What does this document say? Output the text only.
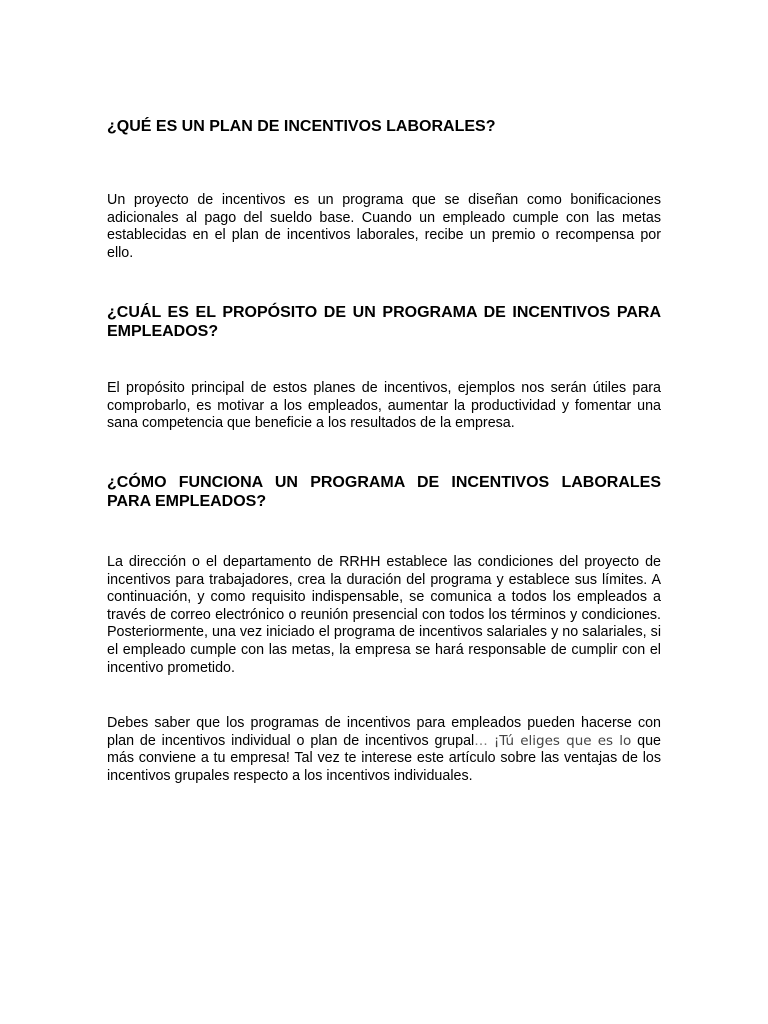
¿QUÉ ES UN PLAN DE INCENTIVOS LABORALES?

Un proyecto de incentivos es un programa que se diseñan como bonificaciones adicionales al pago del sueldo base. Cuando un empleado cumple con las metas establecidas en el plan de incentivos laborales, recibe un premio o recompensa por ello.

¿CUÁL ES EL PROPÓSITO DE UN PROGRAMA DE INCENTIVOS PARA EMPLEADOS?

El propósito principal de estos planes de incentivos, ejemplos nos serán útiles para comprobarlo, es motivar a los empleados, aumentar la productividad y fomentar una sana competencia que beneficie a los resultados de la empresa.

¿CÓMO FUNCIONA UN PROGRAMA DE INCENTIVOS LABORALES PARA EMPLEADOS?

La dirección o el departamento de RRHH establece las condiciones del proyecto de incentivos para trabajadores, crea la duración del programa y establece sus límites. A continuación, y como requisito indispensable, se comunica a todos los empleados a través de correo electrónico o reunión presencial con todos los términos y condiciones. Posteriormente, una vez iniciado el programa de incentivos salariales y no salariales, si el empleado cumple con las metas, la empresa se hará responsable de cumplir con el incentivo prometido.

Debes saber que los programas de incentivos para empleados pueden hacerse con plan de incentivos individual o plan de incentivos grupal… ¡Tú eliges que es lo que más conviene a tu empresa! Tal vez te interese este artículo sobre las ventajas de los incentivos grupales respecto a los incentivos individuales.
